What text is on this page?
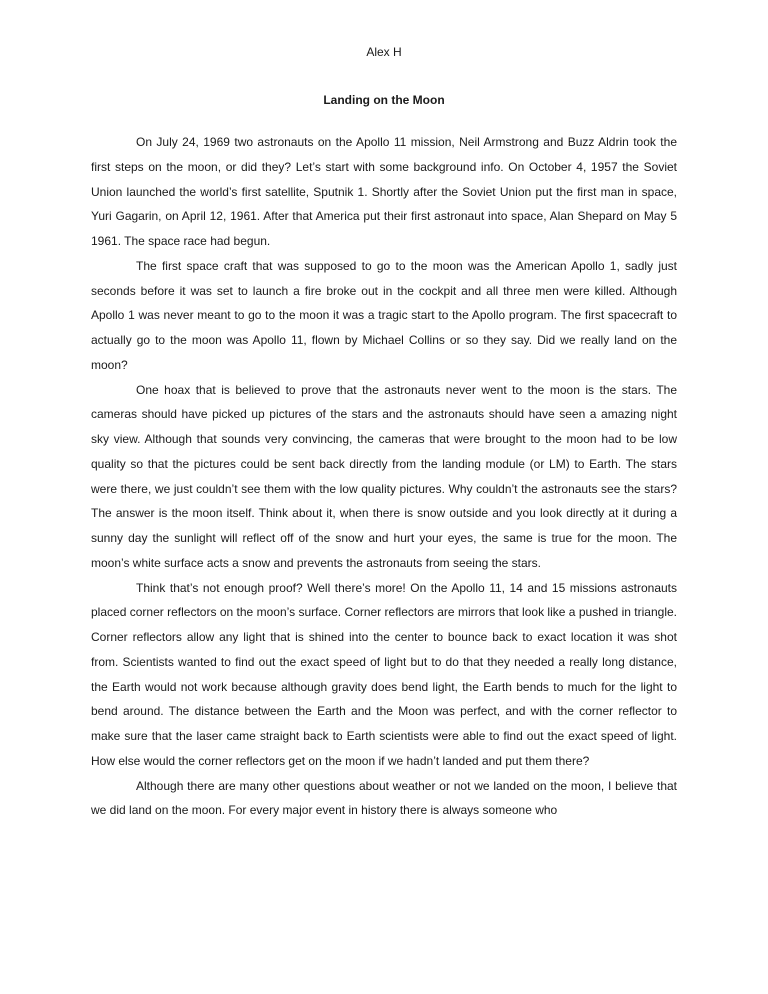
Alex H
Landing on the Moon

On July 24, 1969 two astronauts on the Apollo 11 mission, Neil Armstrong and Buzz Aldrin took the first steps on the moon, or did they? Let’s start with some background info. On October 4, 1957 the Soviet Union launched the world’s first satellite, Sputnik 1. Shortly after the Soviet Union put the first man in space, Yuri Gagarin, on April 12, 1961. After that America put their first astronaut into space, Alan Shepard on May 5 1961. The space race had begun.

The first space craft that was supposed to go to the moon was the American Apollo 1, sadly just seconds before it was set to launch a fire broke out in the cockpit and all three men were killed. Although Apollo 1 was never meant to go to the moon it was a tragic start to the Apollo program. The first spacecraft to actually go to the moon was Apollo 11, flown by Michael Collins or so they say. Did we really land on the moon?

One hoax that is believed to prove that the astronauts never went to the moon is the stars. The cameras should have picked up pictures of the stars and the astronauts should have seen a amazing night sky view. Although that sounds very convincing, the cameras that were brought to the moon had to be low quality so that the pictures could be sent back directly from the landing module (or LM) to Earth. The stars were there, we just couldn’t see them with the low quality pictures. Why couldn’t the astronauts see the stars? The answer is the moon itself. Think about it, when there is snow outside and you look directly at it during a sunny day the sunlight will reflect off of the snow and hurt your eyes, the same is true for the moon. The moon’s white surface acts a snow and prevents the astronauts from seeing the stars.

Think that’s not enough proof? Well there’s more! On the Apollo 11, 14 and 15 missions astronauts placed corner reflectors on the moon’s surface. Corner reflectors are mirrors that look like a pushed in triangle. Corner reflectors allow any light that is shined into the center to bounce back to exact location it was shot from. Scientists wanted to find out the exact speed of light but to do that they needed a really long distance, the Earth would not work because although gravity does bend light, the Earth bends to much for the light to bend around. The distance between the Earth and the Moon was perfect, and with the corner reflector to make sure that the laser came straight back to Earth scientists were able to find out the exact speed of light. How else would the corner reflectors get on the moon if we hadn’t landed and put them there?

Although there are many other questions about weather or not we landed on the moon, I believe that we did land on the moon. For every major event in history there is always someone who
